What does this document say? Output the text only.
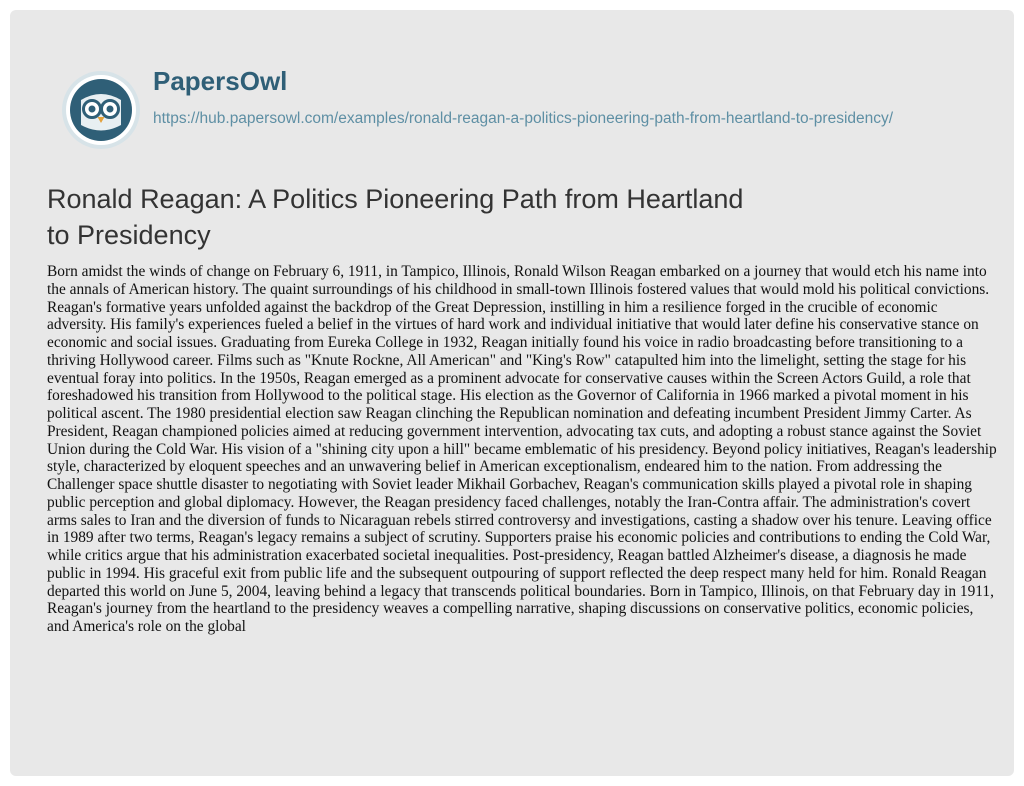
PapersOwl
https://hub.papersowl.com/examples/ronald-reagan-a-politics-pioneering-path-from-heartland-to-presidency/
Ronald Reagan: A Politics Pioneering Path from Heartland to Presidency

Born amidst the winds of change on February 6, 1911, in Tampico, Illinois, Ronald Wilson Reagan embarked on a journey that would etch his name into the annals of American history. The quaint surroundings of his childhood in small-town Illinois fostered values that would mold his political convictions. Reagan's formative years unfolded against the backdrop of the Great Depression, instilling in him a resilience forged in the crucible of economic adversity. His family's experiences fueled a belief in the virtues of hard work and individual initiative that would later define his conservative stance on economic and social issues. Graduating from Eureka College in 1932, Reagan initially found his voice in radio broadcasting before transitioning to a thriving Hollywood career. Films such as "Knute Rockne, All American" and "King's Row" catapulted him into the limelight, setting the stage for his eventual foray into politics. In the 1950s, Reagan emerged as a prominent advocate for conservative causes within the Screen Actors Guild, a role that foreshadowed his transition from Hollywood to the political stage. His election as the Governor of California in 1966 marked a pivotal moment in his political ascent. The 1980 presidential election saw Reagan clinching the Republican nomination and defeating incumbent President Jimmy Carter. As President, Reagan championed policies aimed at reducing government intervention, advocating tax cuts, and adopting a robust stance against the Soviet Union during the Cold War. His vision of a "shining city upon a hill" became emblematic of his presidency. Beyond policy initiatives, Reagan's leadership style, characterized by eloquent speeches and an unwavering belief in American exceptionalism, endeared him to the nation. From addressing the Challenger space shuttle disaster to negotiating with Soviet leader Mikhail Gorbachev, Reagan's communication skills played a pivotal role in shaping public perception and global diplomacy. However, the Reagan presidency faced challenges, notably the Iran-Contra affair. The administration's covert arms sales to Iran and the diversion of funds to Nicaraguan rebels stirred controversy and investigations, casting a shadow over his tenure. Leaving office in 1989 after two terms, Reagan's legacy remains a subject of scrutiny. Supporters praise his economic policies and contributions to ending the Cold War, while critics argue that his administration exacerbated societal inequalities. Post-presidency, Reagan battled Alzheimer's disease, a diagnosis he made public in 1994. His graceful exit from public life and the subsequent outpouring of support reflected the deep respect many held for him. Ronald Reagan departed this world on June 5, 2004, leaving behind a legacy that transcends political boundaries. Born in Tampico, Illinois, on that February day in 1911, Reagan's journey from the heartland to the presidency weaves a compelling narrative, shaping discussions on conservative politics, economic policies, and America's role on the global
